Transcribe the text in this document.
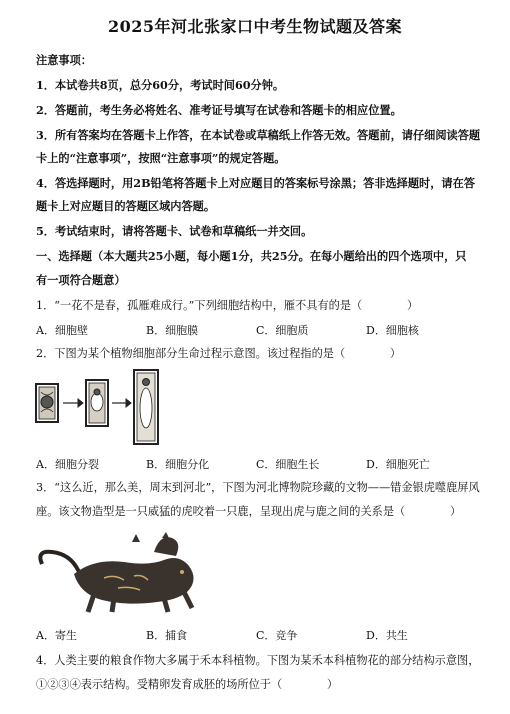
2025年河北张家口中考生物试题及答案
注意事项：
1．本试卷共8页，总分60分，考试时间60分钟。
2．答题前，考生务必将姓名、准考证号填写在试卷和答题卡的相应位置。
3．所有答案均在答题卡上作答，在本试卷或草稿纸上作答无效。答题前，请仔细阅读答题
卡上的“注意事项”，按照“注意事项”的规定答题。
4．答选择题时，用2B铅笔将答题卡上对应题目的答案标号涂黑；答非选择题时，请在答
题卡上对应题目的答题区域内答题。
5．考试结束时，请将答题卡、试卷和草稿纸一并交回。
一、选择题（本大题共25小题，每小题1分，共25分。在每小题给出的四个选项中，只
有一项符合题意）
1．“一花不是春，孤雁难成行。”下列细胞结构中，雁不具有的是（　　　　）
A．细胞壁	B．细胞膜	C．细胞质	D．细胞核
2．下图为某个植物细胞部分生命过程示意图。该过程指的是（　　　　）
A．细胞分裂	B．细胞分化	C．细胞生长	D．细胞死亡
3．“这么近，那么美，周末到河北”，下图为河北博物院珍藏的文物——错金银虎噬鹿屏风
座。该文物造型是一只威猛的虎咬着一只鹿，呈现出虎与鹿之间的关系是（　　　　）
A．寄生	B．捕食	C．竞争	D．共生
4．人类主要的粮食作物大多属于禾本科植物。下图为某禾本科植物花的部分结构示意图，
①②③④表示结构。受精卵发育成胚的场所位于（　　　　）
